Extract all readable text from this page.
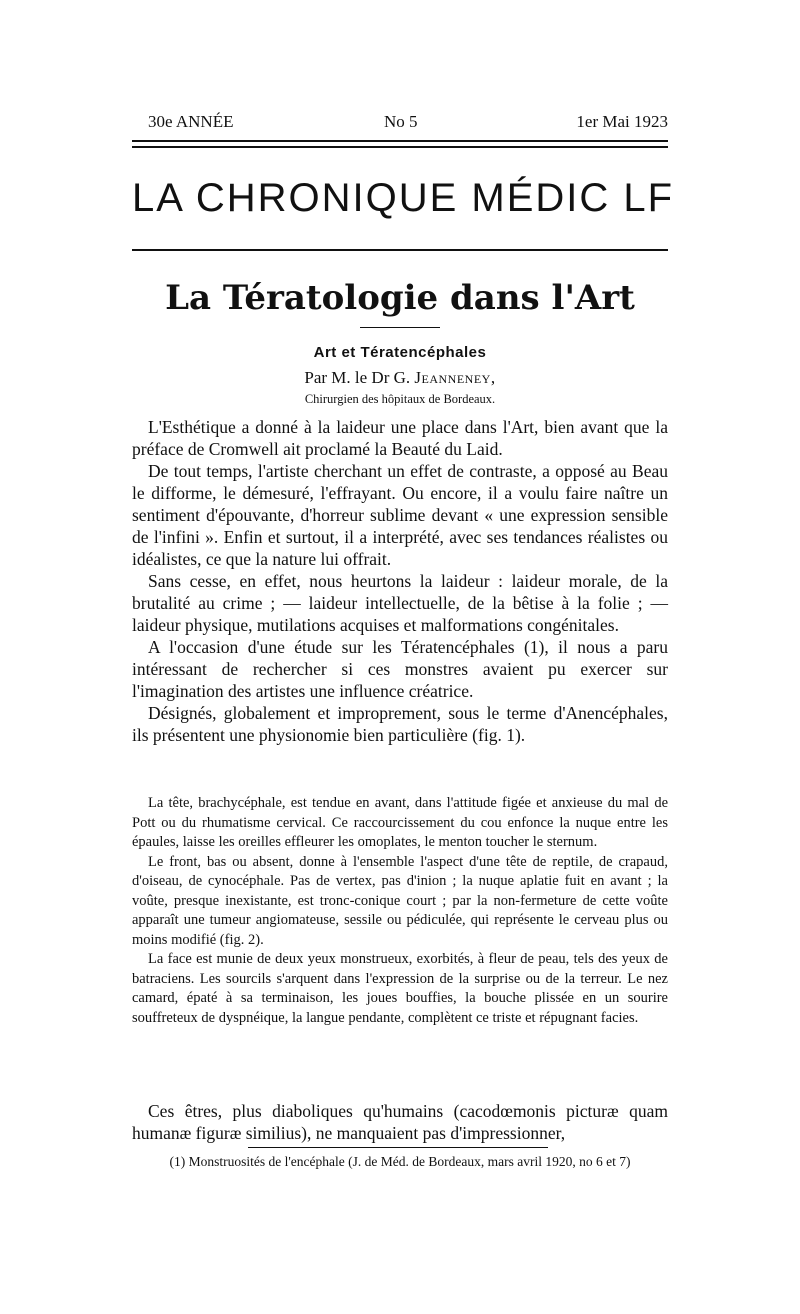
30e ANNÉE	No 5	1er Mai 1923
LA CHRONIQUE MÉDIC LF
La Tératologie dans l'Art
Art et Tératencéphales
Par M. le Dr G. Jeanneney,
Chirurgien des hôpitaux de Bordeaux.

L'Esthétique a donné à la laideur une place dans l'Art, bien avant que la préface de Cromwell ait proclamé la Beauté du Laid.

De tout temps, l'artiste cherchant un effet de contraste, a opposé au Beau le difforme, le démesuré, l'effrayant. Ou encore, il a voulu faire naître un sentiment d'épouvante, d'horreur sublime devant « une expression sensible de l'infini ». Enfin et surtout, il a interprété, avec ses tendances réalistes ou idéalistes, ce que la nature lui offrait.

Sans cesse, en effet, nous heurtons la laideur : laideur morale, de la brutalité au crime ; — laideur intellectuelle, de la bêtise à la folie ; — laideur physique, mutilations acquises et malformations congénitales.

A l'occasion d'une étude sur les Tératencéphales (1), il nous a paru intéressant de rechercher si ces monstres avaient pu exercer sur l'imagination des artistes une influence créatrice.

Désignés, globalement et improprement, sous le terme d'Anencéphales, ils présentent une physionomie bien particulière (fig. 1).

La tête, brachycéphale, est tendue en avant, dans l'attitude figée et anxieuse du mal de Pott ou du rhumatisme cervical. Ce raccourcissement du cou enfonce la nuque entre les épaules, laisse les oreilles effleurer les omoplates, le menton toucher le sternum.

Le front, bas ou absent, donne à l'ensemble l'aspect d'une tête de reptile, de crapaud, d'oiseau, de cynocéphale. Pas de vertex, pas d'inion ; la nuque aplatie fuit en avant ; la voûte, presque inexistante, est tronc-conique court ; par la non-fermeture de cette voûte apparaît une tumeur angiomateuse, sessile ou pédiculée, qui représente le cerveau plus ou moins modifié (fig. 2).

La face est munie de deux yeux monstrueux, exorbités, à fleur de peau, tels des yeux de batraciens. Les sourcils s'arquent dans l'expression de la surprise ou de la terreur. Le nez camard, épaté à sa terminaison, les joues bouffies, la bouche plissée en un sourire souffreteux de dyspnéique, la langue pendante, complètent ce triste et répugnant facies.

Ces êtres, plus diaboliques qu'humains (cacodœmonis picturæ quam humanæ figuræ similius), ne manquaient pas d'impressionner,

(1) Monstruosités de l'encéphale (J. de Méd. de Bordeaux, mars avril 1920, no 6 et 7)
